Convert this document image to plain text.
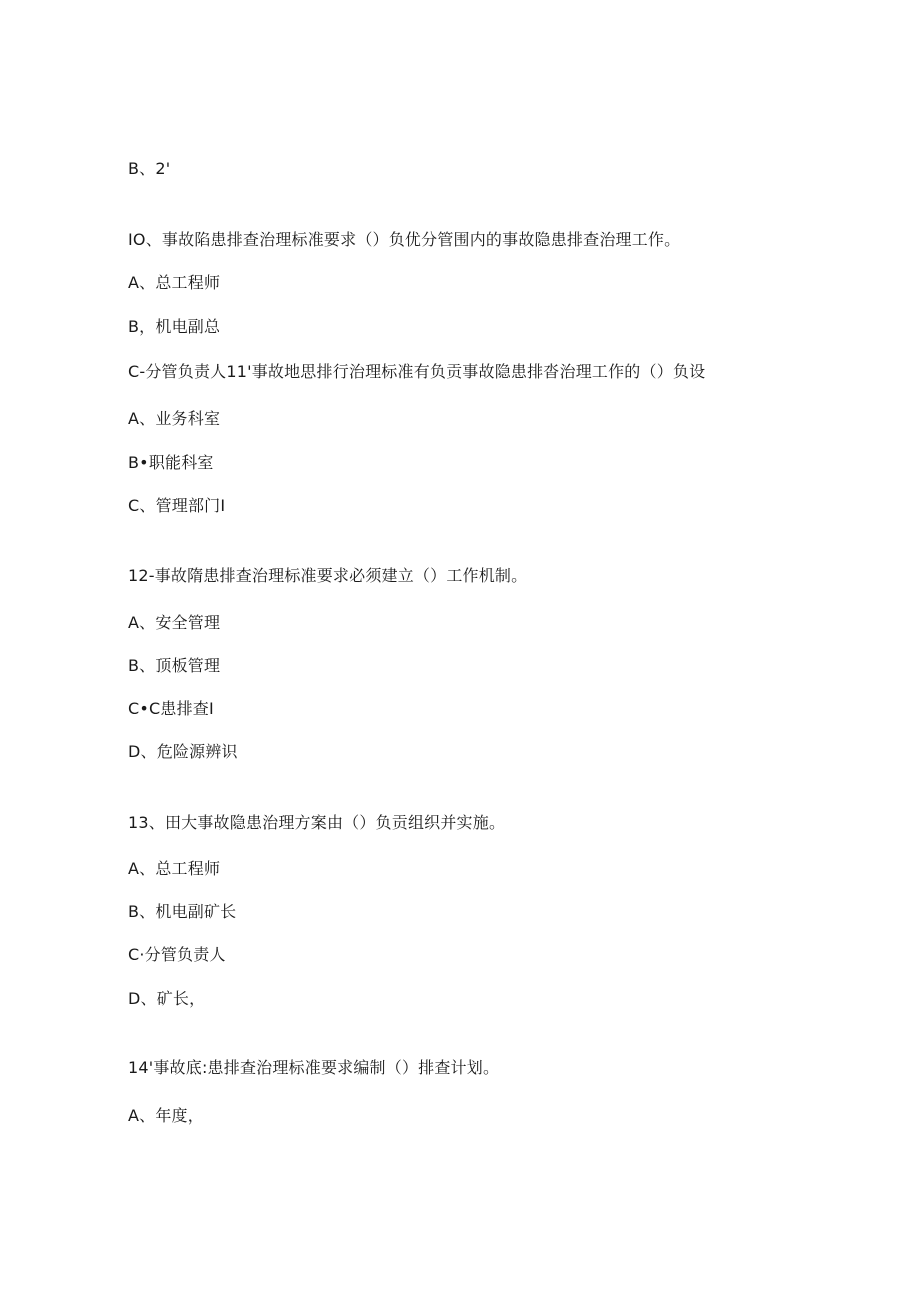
B、2'
IO、事故陷患排查治理标准要求（）负优分管围内的事故隐患排查治理工作。
A、总工程师
B，机电副总
C-分管负责人11'事故地思排行治理标准有负贡事故隐患排沓治理工作的（）负设
A、业务科室
B•职能科室
C、管理部门I
12-事故隋患排查治理标准要求必须建立（）工作机制。
A、安全管理
B、顶板管理
C•C患排查I
D、危险源辨识
13、田大事故隐患治理方案由（）负贡组织并实施。
A、总工程师
B、机电副矿长
C·分管负责人
D、矿长，
14'事故底:患排查治理标准要求编制（）排查计划。
A、年度，
